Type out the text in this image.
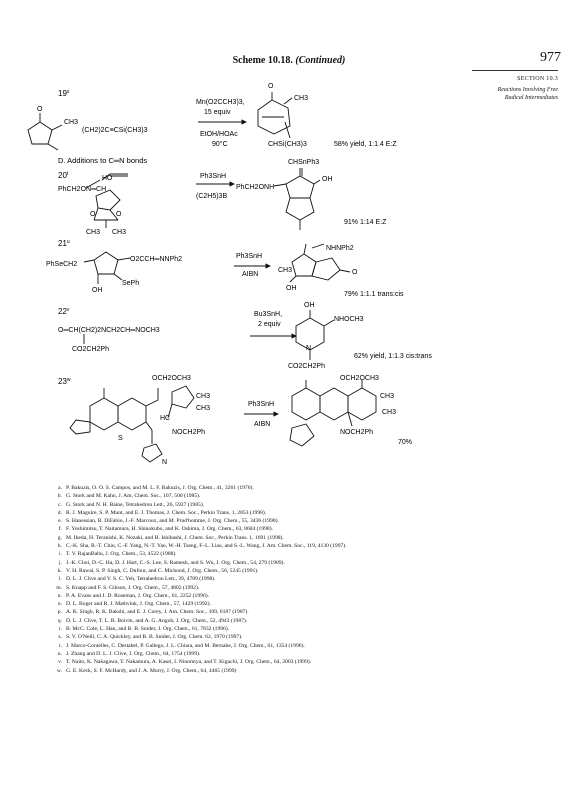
Scheme 10.18. (Continued)	977
SECTION 10.3
Reactions Involving Free
Radical Intermediates
19$^s$
O
CH3
(CH2)2C≡CSi(CH3)3
Mn(O2CCH3)3,
15 equiv
EtOH/HOAc
90°C
O
CH3
CHSi(CH3)3	58% yield, 1:1.4 E:Z
D. Additions to C═N bonds
20$^t$
PhCH2ON═CH
HO
O	O
CH3 CH3
Ph3SnH
(C2H5)3B
CHSnPh3
PhCH2ONH
OH
91% 1:14 E:Z
21$^u$
PhSeCH2
O2CCH═NNPh2
SePh
OH
Ph3SnH
AIBN
NHNPh2
CH3
OH
O
79% 1:1.1 trans:cis
22$^v$
O═CH(CH2)2NCH2CH═NOCH3
CO2CH2Ph
Bu3SnH,
2 equiv
OH
NHOCH3
N
CO2CH2Ph
62% yield, 1:1.3 cis:trans
23$^w$	OCH2OCH3
CH3
CH3
HC
NOCH2Ph
S
N
Ph3SnH
AIBN
OCH2OCH3
CH3
CH3
NOCH2Ph
70%
a. P. Bakuzis, O. O. S. Campos, and M. L. F. Bakuzis, J. Org. Chem., 41, 3261 (1976).
b. G. Stork and M. Kahn, J. Am. Chem. Soc., 107, 500 (1985).
c. G. Stork and N. H. Baine, Tetrahedron Lett., 26, 5927 (1985).
d. R. J. Maguire, S. P. Munt, and E. J. Thomas, J. Chem. Soc., Perkin Trans. 1, 2853 (1998).
e. S. Hanessian, R. DiFabio, J.-F. Marcoux, and M. Prud'homme, J. Org. Chem., 55, 3436 (1990).
f. F. Yoshimitsu, T. Naitamura, H. Shinokubo, and K. Oshima, J. Org. Chem., 63, 8604 (1998).
g. M. Ikeda, H. Teranishi, K. Nozaki, and H. Ishibashi, J. Chem. Soc., Perkin Trans. 1, 1691 (1998).
h. C.-K. Sha, R.-T. Chiu, C.-F. Yang, N.-T. Yao, W.-H. Tseng, F.-L. Liao, and S.-L. Wang, J. Am. Chem. Soc., 119, 4130 (1997).
i. T. V. RajanBabu, J. Org. Chem., 53, 4522 (1988).
j. J.-K. Choi, D.-C. Ha, D. J. Hart, C.-S. Lee, S. Ramesh, and S. Wu, J. Org. Chem., 54, 279 (1989).
k. V. H. Rawal, S. P. Singh, C. Dufour, and C. Michond, J. Org. Chem., 56, 5245 (1991).
l. D. L. J. Clive and V. S. C. Yeh, Tetrahedron Lett., 39, 4789 (1998).
m. S. Knapp and F. S. Gibson, J. Org. Chem., 57, 4802 (1992).
n. P. A. Evans and J. D. Roseman, J. Org. Chem., 61, 2252 (1996).
o. D. L. Boger and R. J. Mathvink, J. Org. Chem., 57, 1429 (1992).
p. A. K. Singh, R. K. Bakshi, and E. J. Corey, J. Am. Chem. Soc., 109, 6187 (1987).
q. D. L. J. Clive, T. L. B. Boivin, and A. G. Angoh, J. Org. Chem., 52, 4943 (1987).
r. B. McC. Cole, L. Han, and B. B. Snider, J. Org. Chem., 61, 7832 (1996).
s. S. V. O'Neill, C. A. Quickley, and B. B. Snider, J. Org. Chem. 62, 1970 (1997).
t. J. Marco-Contelles, C. Destabel, P. Gallego, J. L. Chiara, and M. Bernabe, J. Org. Chem., 61, 1354 (1996).
u. J. Zhang and D. L. J. Clive, J. Org. Chem., 64, 1754 (1999).
v. T. Naito, K. Nakagawa, T. Nakamura, A. Kasei, I. Ninomiya, and T. Kiguchi, J. Org. Chem., 64, 2003 (1999).
w. G. E. Keck, S. F. McHardy, and J. A. Murry, J. Org. Chem., 64, 4465 (1999)
